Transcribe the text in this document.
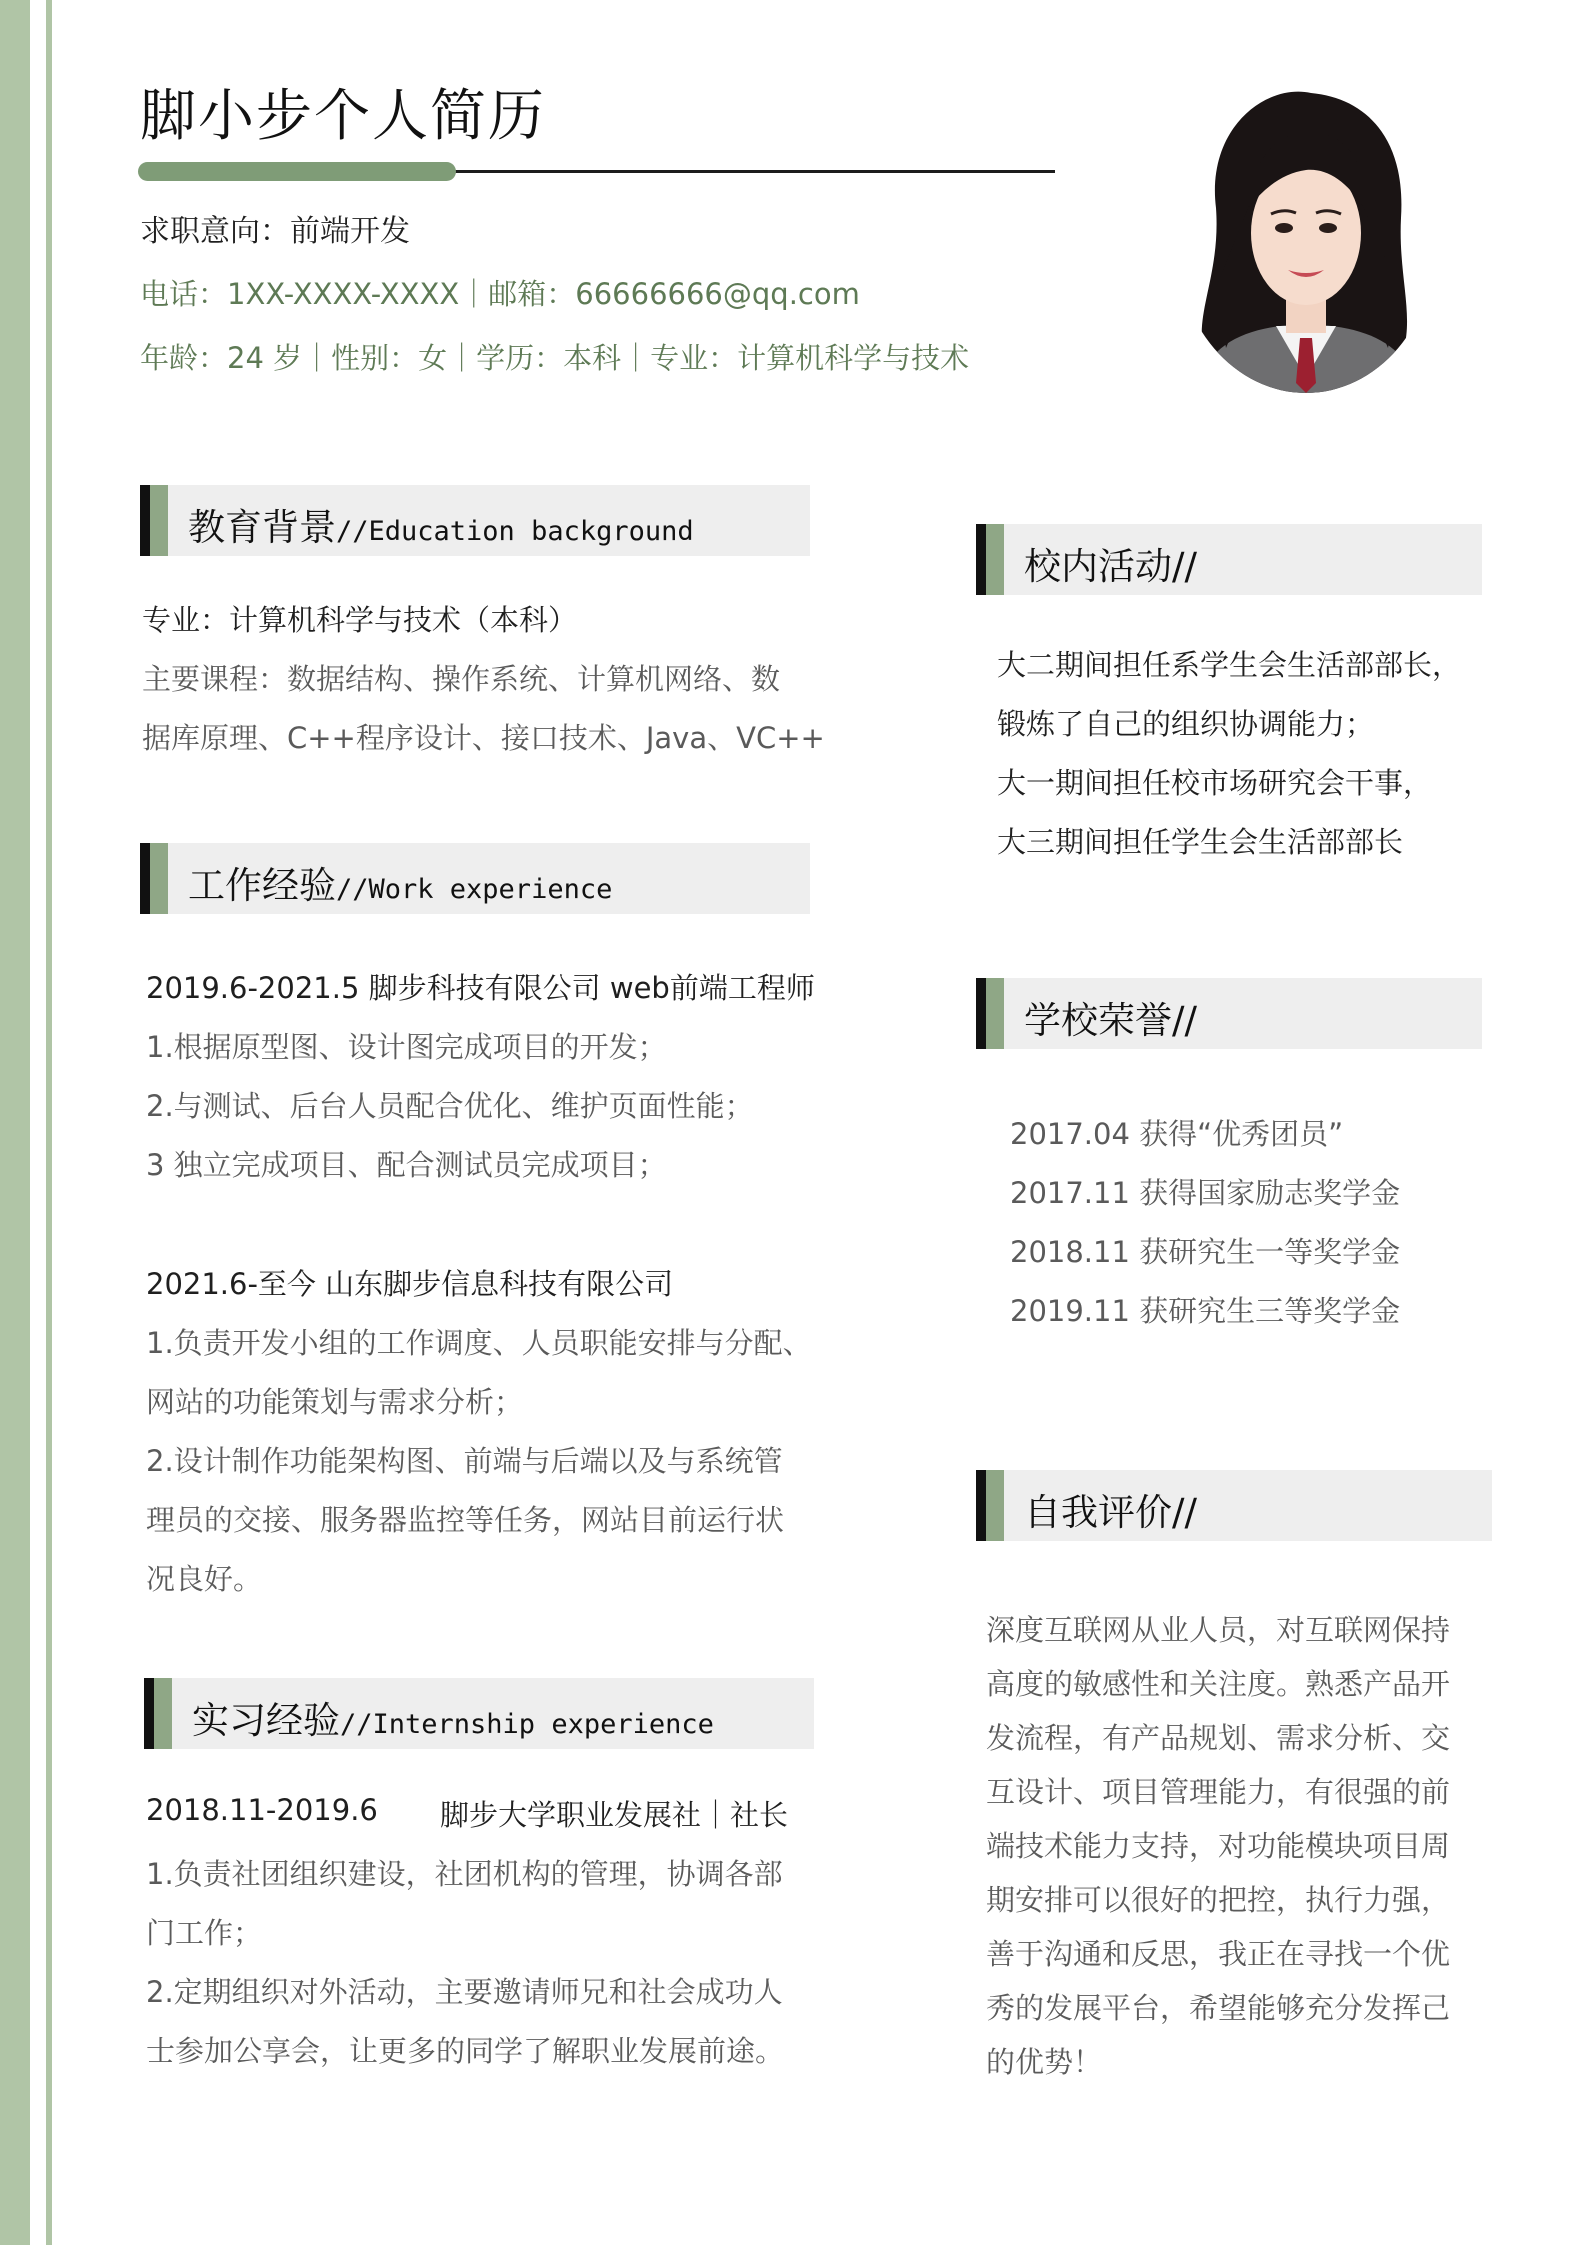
脚小步个人简历
求职意向：前端开发
电话：1XX-XXXX-XXXX｜邮箱：66666666@qq.com
年龄：24 岁｜性别：女｜学历：本科｜专业：计算机科学与技术
教育背景//Education background
专业：计算机科学与技术（本科）
主要课程：数据结构、操作系统、计算机网络、数
据库原理、C++程序设计、接口技术、Java、VC++
工作经验//Work experience
2019.6-2021.5 脚步科技有限公司 web前端工程师
1.根据原型图、设计图完成项目的开发；
2.与测试、后台人员配合优化、维护页面性能；
3 独立完成项目、配合测试员完成项目；
2021.6-至今 山东脚步信息科技有限公司
1.负责开发小组的工作调度、人员职能安排与分配、
网站的功能策划与需求分析；
2.设计制作功能架构图、前端与后端以及与系统管
理员的交接、服务器监控等任务，网站目前运行状
况良好。
实习经验//Internship experience
2018.11-2019.6 脚步大学职业发展社｜社长
1.负责社团组织建设，社团机构的管理，协调各部
门工作；
2.定期组织对外活动，主要邀请师兄和社会成功人
士参加公享会，让更多的同学了解职业发展前途。
校内活动//
大二期间担任系学生会生活部部长，
锻炼了自己的组织协调能力；
大一期间担任校市场研究会干事，
大三期间担任学生会生活部部长
学校荣誉//
2017.04 获得“优秀团员”
2017.11 获得国家励志奖学金
2018.11 获研究生一等奖学金
2019.11 获研究生三等奖学金
自我评价//
深度互联网从业人员，对互联网保持
高度的敏感性和关注度。熟悉产品开
发流程，有产品规划、需求分析、交
互设计、项目管理能力，有很强的前
端技术能力支持，对功能模块项目周
期安排可以很好的把控，执行力强，
善于沟通和反思，我正在寻找一个优
秀的发展平台，希望能够充分发挥己
的优势！
